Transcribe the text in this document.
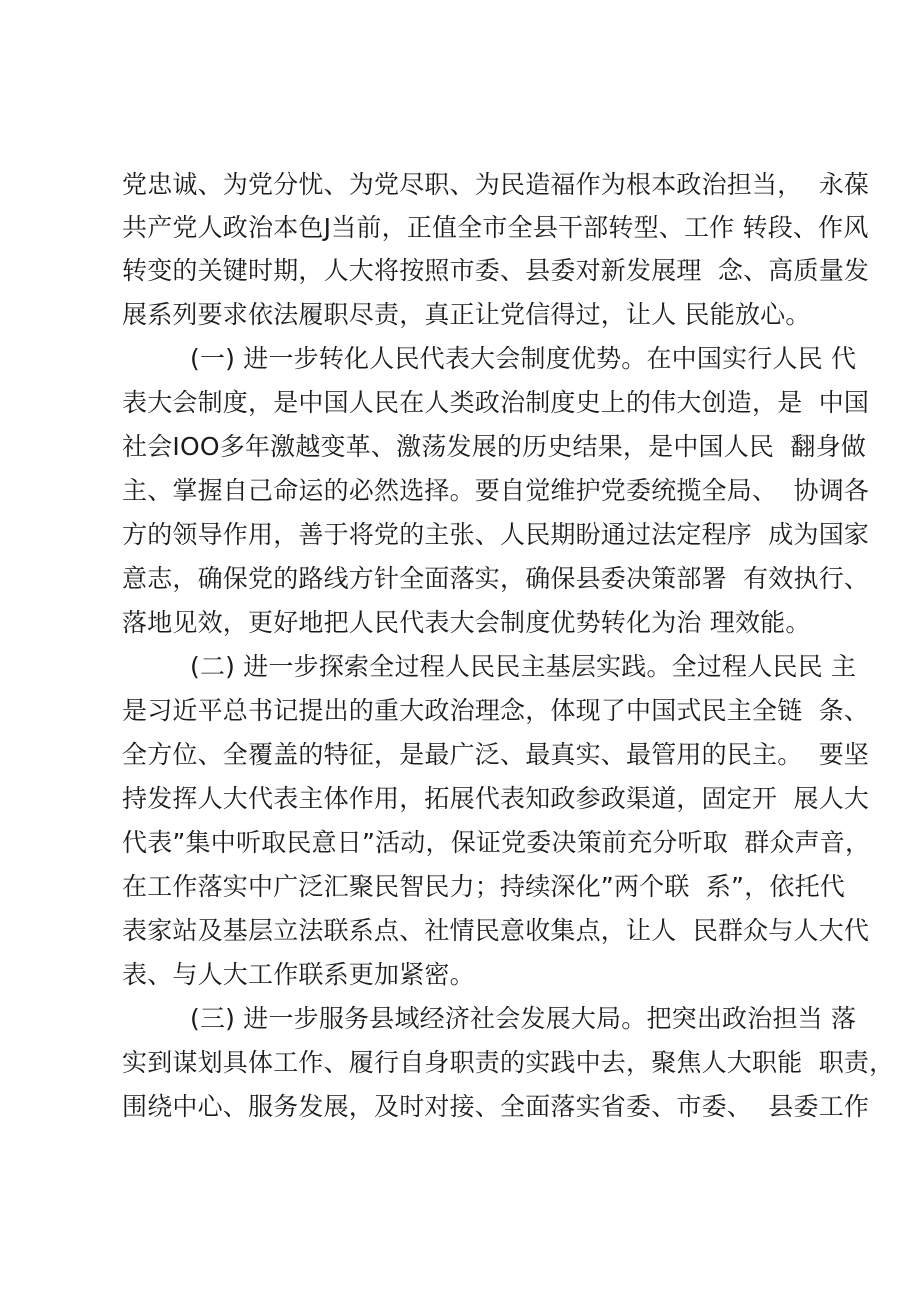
党忠诚、为党分忧、为党尽职、为民造福作为根本政治担当，  永葆
共产党人政治本色J当前，正值全市全县干部转型、工作 转段、作风
转变的关键时期，人大将按照市委、县委对新发展理  念、高质量发
展系列要求依法履职尽责，真正让党信得过，让人 民能放心。
(一) 进一步转化人民代表大会制度优势。在中国实行人民 代
表大会制度，是中国人民在人类政治制度史上的伟大创造，是  中国
社会IOO多年激越变革、激荡发展的历史结果，是中国人民  翻身做
主、掌握自己命运的必然选择。要自觉维护党委统揽全局、  协调各
方的领导作用，善于将党的主张、人民期盼通过法定程序  成为国家
意志，确保党的路线方针全面落实，确保县委决策部署  有效执行、
落地见效，更好地把人民代表大会制度优势转化为治 理效能。
(二) 进一步探索全过程人民民主基层实践。全过程人民民 主
是习近平总书记提出的重大政治理念，体现了中国式民主全链  条、
全方位、全覆盖的特征，是最广泛、最真实、最管用的民主。  要坚
持发挥人大代表主体作用，拓展代表知政参政渠道，固定开  展人大
代表”集中听取民意日”活动，保证党委决策前充分听取  群众声音，
在工作落实中广泛汇聚民智民力；持续深化”两个联  系”，依托代
表家站及基层立法联系点、社情民意收集点，让人  民群众与人大代
表、与人大工作联系更加紧密。
(三) 进一步服务县域经济社会发展大局。把突出政治担当 落
实到谋划具体工作、履行自身职责的实践中去，聚焦人大职能  职责，
围绕中心、服务发展，及时对接、全面落实省委、市委、  县委工作
